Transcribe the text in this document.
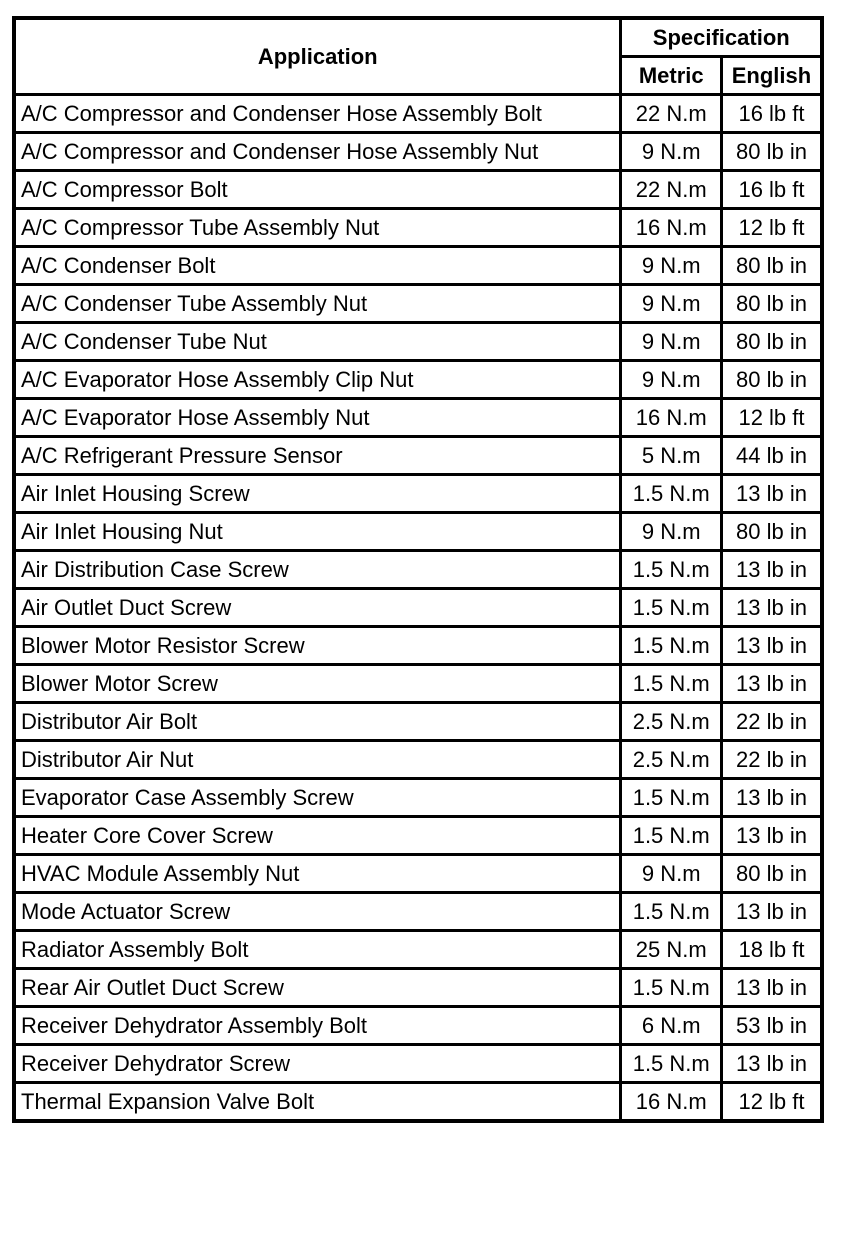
Application	Specification	
	Metric	English
A/C Compressor and Condenser Hose Assembly Bolt	22 N.m	16 lb ft
A/C Compressor and Condenser Hose Assembly Nut	9 N.m	80 lb in
A/C Compressor Bolt	22 N.m	16 lb ft
A/C Compressor Tube Assembly Nut	16 N.m	12 lb ft
A/C Condenser Bolt	9 N.m	80 lb in
A/C Condenser Tube Assembly Nut	9 N.m	80 lb in
A/C Condenser Tube Nut	9 N.m	80 lb in
A/C Evaporator Hose Assembly Clip Nut	9 N.m	80 lb in
A/C Evaporator Hose Assembly Nut	16 N.m	12 lb ft
A/C Refrigerant Pressure Sensor	5 N.m	44 lb in
Air Inlet Housing Screw	1.5 N.m	13 lb in
Air Inlet Housing Nut	9 N.m	80 lb in
Air Distribution Case Screw	1.5 N.m	13 lb in
Air Outlet Duct Screw	1.5 N.m	13 lb in
Blower Motor Resistor Screw	1.5 N.m	13 lb in
Blower Motor Screw	1.5 N.m	13 lb in
Distributor Air Bolt	2.5 N.m	22 lb in
Distributor Air Nut	2.5 N.m	22 lb in
Evaporator Case Assembly Screw	1.5 N.m	13 lb in
Heater Core Cover Screw	1.5 N.m	13 lb in
HVAC Module Assembly Nut	9 N.m	80 lb in
Mode Actuator Screw	1.5 N.m	13 lb in
Radiator Assembly Bolt	25 N.m	18 lb ft
Rear Air Outlet Duct Screw	1.5 N.m	13 lb in
Receiver Dehydrator Assembly Bolt	6 N.m	53 lb in
Receiver Dehydrator Screw	1.5 N.m	13 lb in
Thermal Expansion Valve Bolt	16 N.m	12 lb ft
